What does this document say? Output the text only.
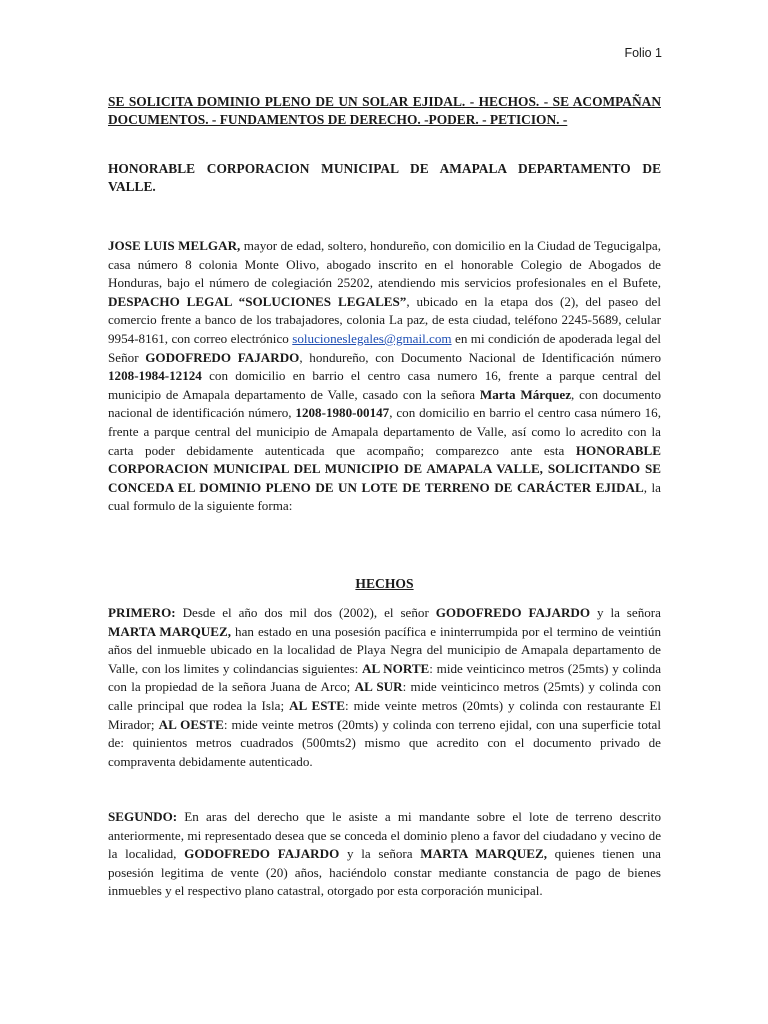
Folio 1

SE SOLICITA DOMINIO PLENO DE UN SOLAR EJIDAL. - HECHOS. - SE ACOMPAÑAN DOCUMENTOS. - FUNDAMENTOS DE DERECHO. -PODER. - PETICION. -

HONORABLE CORPORACION MUNICIPAL DE AMAPALA DEPARTAMENTO DE VALLE.

JOSE LUIS MELGAR, mayor de edad, soltero, hondureño, con domicilio en la Ciudad de Tegucigalpa, casa número 8 colonia Monte Olivo, abogado inscrito en el honorable Colegio de Abogados de Honduras, bajo el número de colegiación 25202, atendiendo mis servicios profesionales en el Bufete, DESPACHO LEGAL “SOLUCIONES LEGALES”, ubicado en la etapa dos (2), del paseo del comercio frente a banco de los trabajadores, colonia La paz, de esta ciudad, teléfono 2245-5689, celular 9954-8161, con correo electrónico solucioneslegales@gmail.com en mi condición de apoderada legal del Señor GODOFREDO FAJARDO, hondureño, con Documento Nacional de Identificación número 1208-1984-12124 con domicilio en barrio el centro casa numero 16, frente a parque central del municipio de Amapala departamento de Valle, casado con la señora Marta Márquez, con documento nacional de identificación número, 1208-1980-00147, con domicilio en barrio el centro casa número 16, frente a parque central del municipio de Amapala departamento de Valle, así como lo acredito con la carta poder debidamente autenticada que acompaño; comparezco ante esta HONORABLE CORPORACION MUNICIPAL DEL MUNICIPIO DE AMAPALA VALLE, SOLICITANDO SE CONCEDA EL DOMINIO PLENO DE UN LOTE DE TERRENO DE CARÁCTER EJIDAL, la cual formulo de la siguiente forma:

HECHOS

PRIMERO: Desde el año dos mil dos (2002), el señor GODOFREDO FAJARDO y la señora MARTA MARQUEZ, han estado en una posesión pacífica e ininterrumpida por el termino de veintiún años del inmueble ubicado en la localidad de Playa Negra del municipio de Amapala departamento de Valle, con los limites y colindancias siguientes: AL NORTE: mide veinticinco metros (25mts) y colinda con la propiedad de la señora Juana de Arco; AL SUR: mide veinticinco metros (25mts) y colinda con calle principal que rodea la Isla; AL ESTE: mide veinte metros (20mts) y colinda con restaurante El Mirador; AL OESTE: mide veinte metros (20mts) y colinda con terreno ejidal, con una superficie total de: quinientos metros cuadrados (500mts2) mismo que acredito con el documento privado de compraventa debidamente autenticado.

SEGUNDO: En aras del derecho que le asiste a mi mandante sobre el lote de terreno descrito anteriormente, mi representado desea que se conceda el dominio pleno a favor del ciudadano y vecino de la localidad, GODOFREDO FAJARDO y la señora MARTA MARQUEZ, quienes tienen una posesión legitima de vente (20) años, haciéndolo constar mediante constancia de pago de bienes inmuebles y el respectivo plano catastral, otorgado por esta corporación municipal.
